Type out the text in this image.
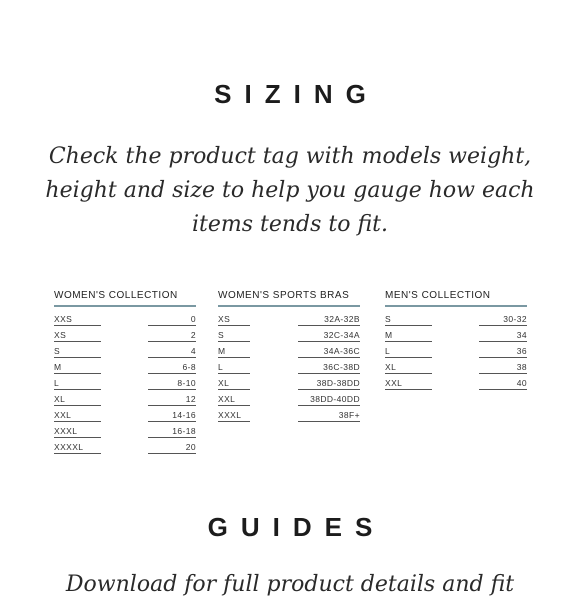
SIZING
Check the product tag with models weight, height and size to help you gauge how each items tends to fit.
WOMEN'S COLLECTION
XXS	0
XS	2
S	4
M	6-8
L	8-10
XL	12
XXL	14-16
XXXL	16-18
XXXXL	20
WOMEN'S SPORTS BRAS
XS	32A-32B
S	32C-34A
M	34A-36C
L	36C-38D
XL	38D-38DD
XXL	38DD-40DD
XXXL	38F+
MEN'S COLLECTION
S	30-32
M	34
L	36
XL	38
XXL	40
GUIDES
Download for full product details and fit
